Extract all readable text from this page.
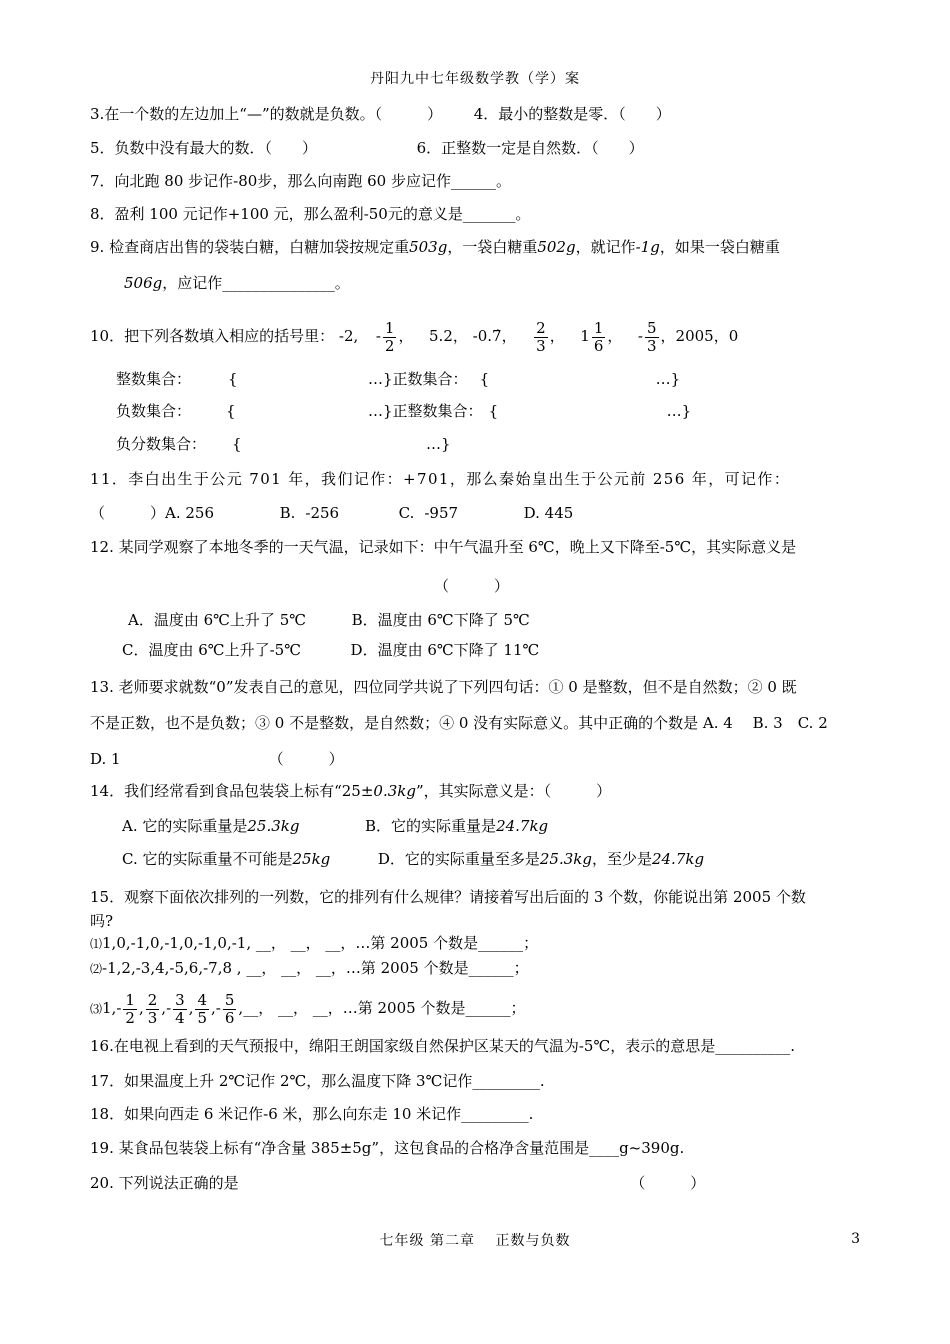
丹阳九中七年级数学教（学）案
3.在一个数的左边加上“—”的数就是负数。（　　　） 4．最小的整数是零．（　　）
5．负数中没有最大的数．（　　）	6．正整数一定是自然数．（　　）
7．向北跑 80 步记作-80步，那么向南跑 60 步应记作______。
8．盈利 100 元记作+100 元，那么盈利-50元的意义是_______。
9. 检查商店出售的袋装白糖，白糖加袋按规定重503g，一袋白糖重502g，就记作-1g，如果一袋白糖重
506g，应记作_______________。
10．把下列各数填入相应的括号里： -2, - $\frac{1}{2}$ ，  5.2， -0.7̇， $\frac{2}{3}$ ，  $1 \frac{1}{6}$ ，  - $\frac{5}{3}$ ，2005，0
整数集合： {	…}正数集合： {	…}
负数集合： {	…}正整数集合： {	…}
负分数集合： {	…}
11．李白出生于公元 701 年，我们记作：+701，那么秦始皇出生于公元前 256 年，可记作：
（　　　）A. 256	B. -256	C. -957	D. 445
12. 某同学观察了本地冬季的一天气温，记录如下：中午气温升至 6℃，晚上又下降至-5℃，其实际意义是
（　　　）
A．温度由 6℃上升了 5℃	B．温度由 6℃下降了 5℃
C．温度由 6℃上升了-5℃	D．温度由 6℃下降了 11℃
13. 老师要求就数“0”发表自己的意见，四位同学共说了下列四句话：① 0 是整数，但不是自然数；② 0 既
不是正数，也不是负数；③ 0 不是整数，是自然数；④ 0 没有实际意义。其中正确的个数是 A. 4　 B. 3　C. 2
D. 1	（　　　）
14．我们经常看到食品包装袋上标有“25±0.3kg”，其实际意义是：（　　　）
A. 它的实际重量是25.3kg	B．它的实际重量是24.7kg
C. 它的实际重量不可能是25kg	D．它的实际重量至多是25.3kg，至少是24.7kg
15．观察下面依次排列的一列数，它的排列有什么规律？请接着写出后面的 3 个数，你能说出第 2005 个数
吗?
⑴1,0,-1,0,-1,0,-1,0,-1, __， __， __，…第 2005 个数是______；
⑵-1,2,-3,4,-5,6,-7,8 , __， __， __，…第 2005 个数是______；
⑶1,- $\frac{1}{2}$ , $\frac{2}{3}$ ,- $\frac{3}{4}$ , $\frac{4}{5}$ ,- $\frac{5}{6}$ ,__， __， __，…第 2005 个数是______；
16.在电视上看到的天气预报中，绵阳王朗国家级自然保护区某天的气温为-5℃，表示的意思是__________.
17．如果温度上升 2℃记作 2℃，那么温度下降 3℃记作_________.
18．如果向西走 6 米记作-6 米，那么向东走 10 米记作_________.
19. 某食品包装袋上标有“净含量 385±5g”，这包食品的合格净含量范围是____g~390g.
20. 下列说法正确的是	（　　　）
七年级 第二章　 正数与负数	3
